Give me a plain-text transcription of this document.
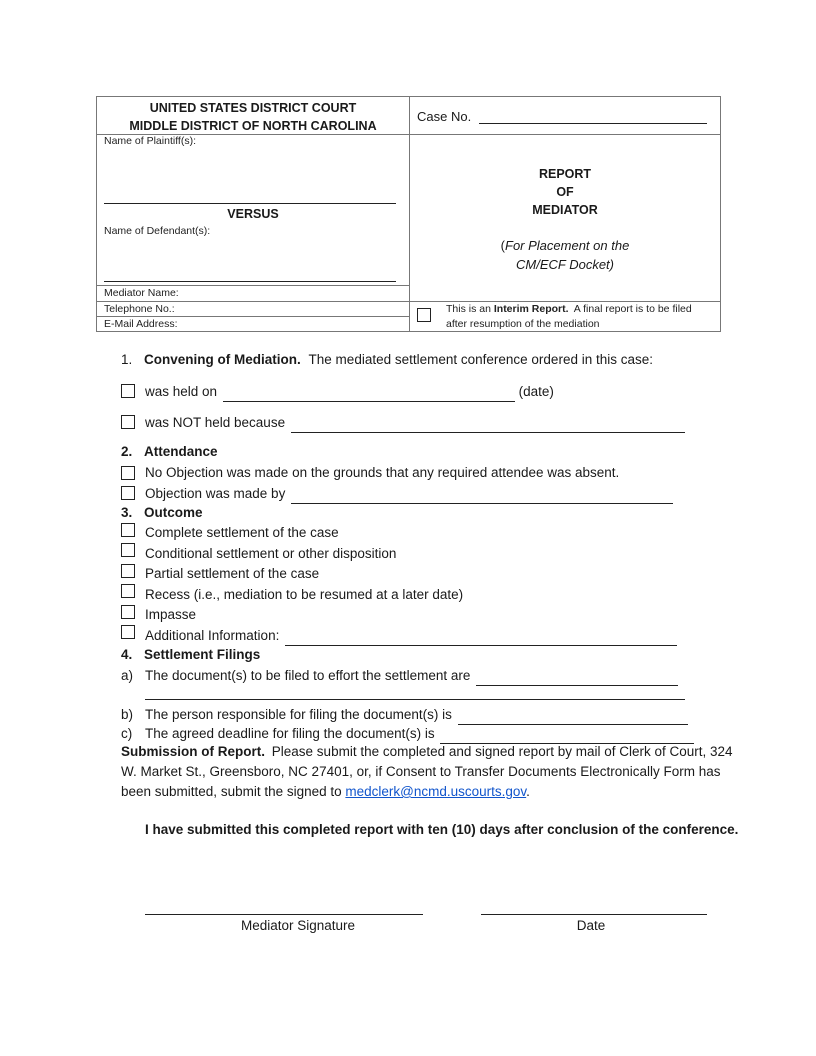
UNITED STATES DISTRICT COURT
MIDDLE DISTRICT OF NORTH CAROLINA
Case No.
Name of Plaintiff(s):
VERSUS
Name of Defendant(s):
Mediator Name:
Telephone No.:
E-Mail Address:
REPORT
OF
MEDIATOR
(For Placement on the
CM/ECF Docket)
This is an Interim Report.  A final report is to be filed
after resumption of the mediation
1. Convening of Mediation. The mediated settlement conference ordered in this case:
was held on	(date)
was NOT held because
2. Attendance
No Objection was made on the grounds that any required attendee was absent.
Objection was made by
3. Outcome
Complete settlement of the case
Conditional settlement or other disposition
Partial settlement of the case
Recess (i.e., mediation to be resumed at a later date)
Impasse
Additional Information:
4. Settlement Filings
a) The document(s) to be filed to effort the settlement are
b) The person responsible for filing the document(s) is
c) The agreed deadline for filing the document(s) is
Submission of Report. Please submit the completed and signed report by mail of Clerk of Court, 324
W. Market St., Greensboro, NC 27401, or, if Consent to Transfer Documents Electronically Form has
been submitted, submit the signed to medclerk@ncmd.uscourts.gov.
I have submitted this completed report with ten (10) days after conclusion of the conference.
Mediator Signature	Date
